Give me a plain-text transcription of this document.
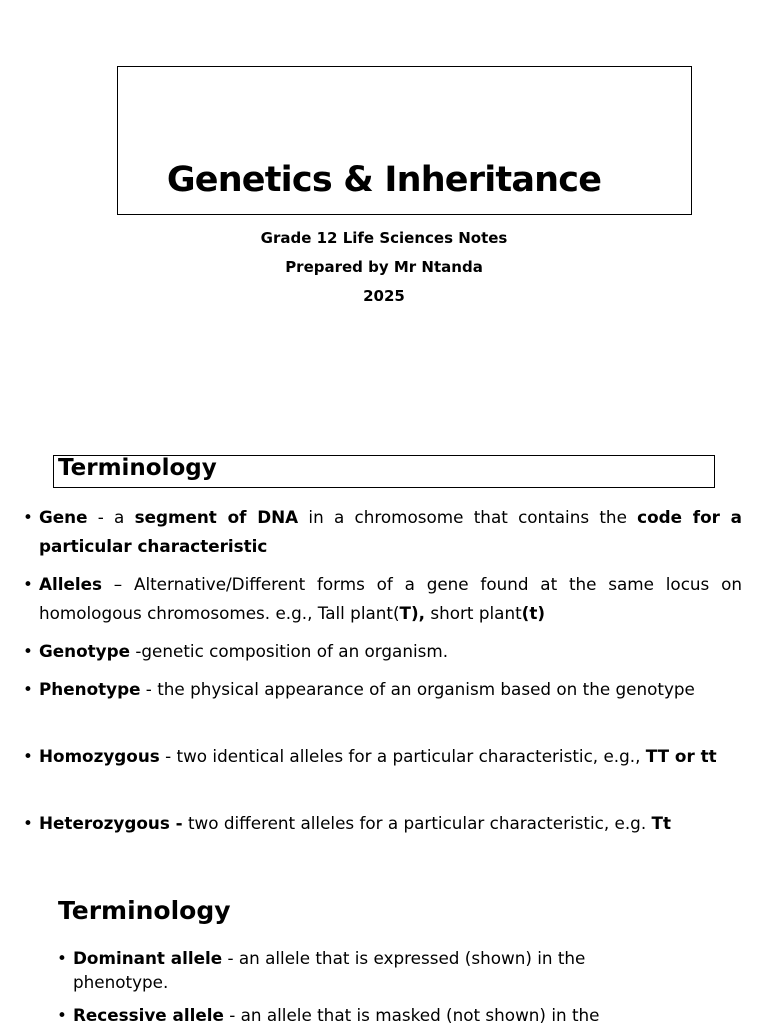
Genetics & Inheritance
Grade 12 Life Sciences Notes
Prepared by Mr Ntanda
2025
Terminology
• Gene - a segment of DNA in a chromosome that contains the code for a particular characteristic
• Alleles – Alternative/Different forms of a gene found at the same locus on homologous chromosomes. e.g., Tall plant(T), short plant(t)
• Genotype -genetic composition of an organism.
• Phenotype - the physical appearance of an organism based on the genotype
• Homozygous - two identical alleles for a particular characteristic, e.g., TT or tt
• Heterozygous - two different alleles for a particular characteristic, e.g. Tt
Terminology
• Dominant allele - an allele that is expressed (shown) in the phenotype.
• Recessive allele - an allele that is masked (not shown) in the
